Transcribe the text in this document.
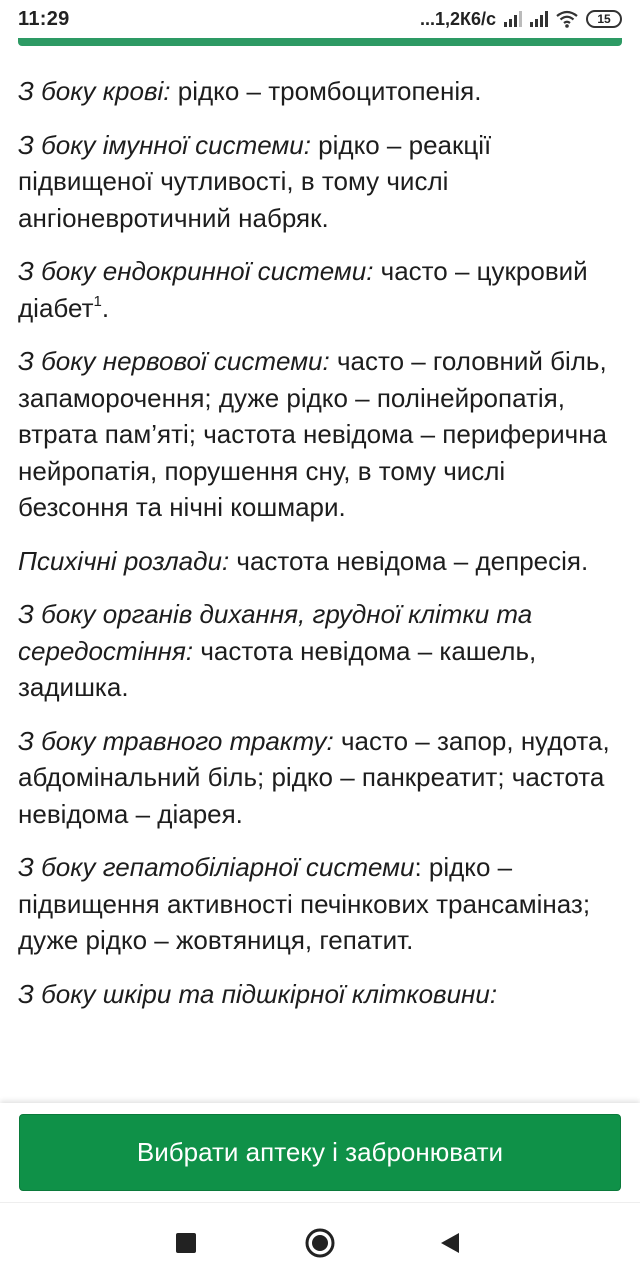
11:29	...1,2К6/с	15

З боку крові: рідко – тромбоцитопенія.

З боку імунної системи: рідко – реакції підвищеної чутливості, в тому числі ангіоневротичний набряк.

З боку ендокринної системи: часто – цукровий діабет$^1$.

З боку нервової системи: часто – головний біль, запаморочення; дуже рідко – полінейропатія, втрата пам’яті; частота невідома – периферична нейропатія, порушення сну, в тому числі безсоння та нічні кошмари.

Психічні розлади: частота невідома – депресія.

З боку органів дихання, грудної клітки та середостіння: частота невідома – кашель, задишка.

З боку травного тракту: часто – запор, нудота, абдомінальний біль; рідко – панкреатит; частота невідома – діарея.

З боку гепатобіліарної системи: рідко – підвищення активності печінкових трансаміназ; дуже рідко – жовтяниця, гепатит.

З боку шкіри та підшкірної клітковини:

Вибрати аптеку і забронювати
